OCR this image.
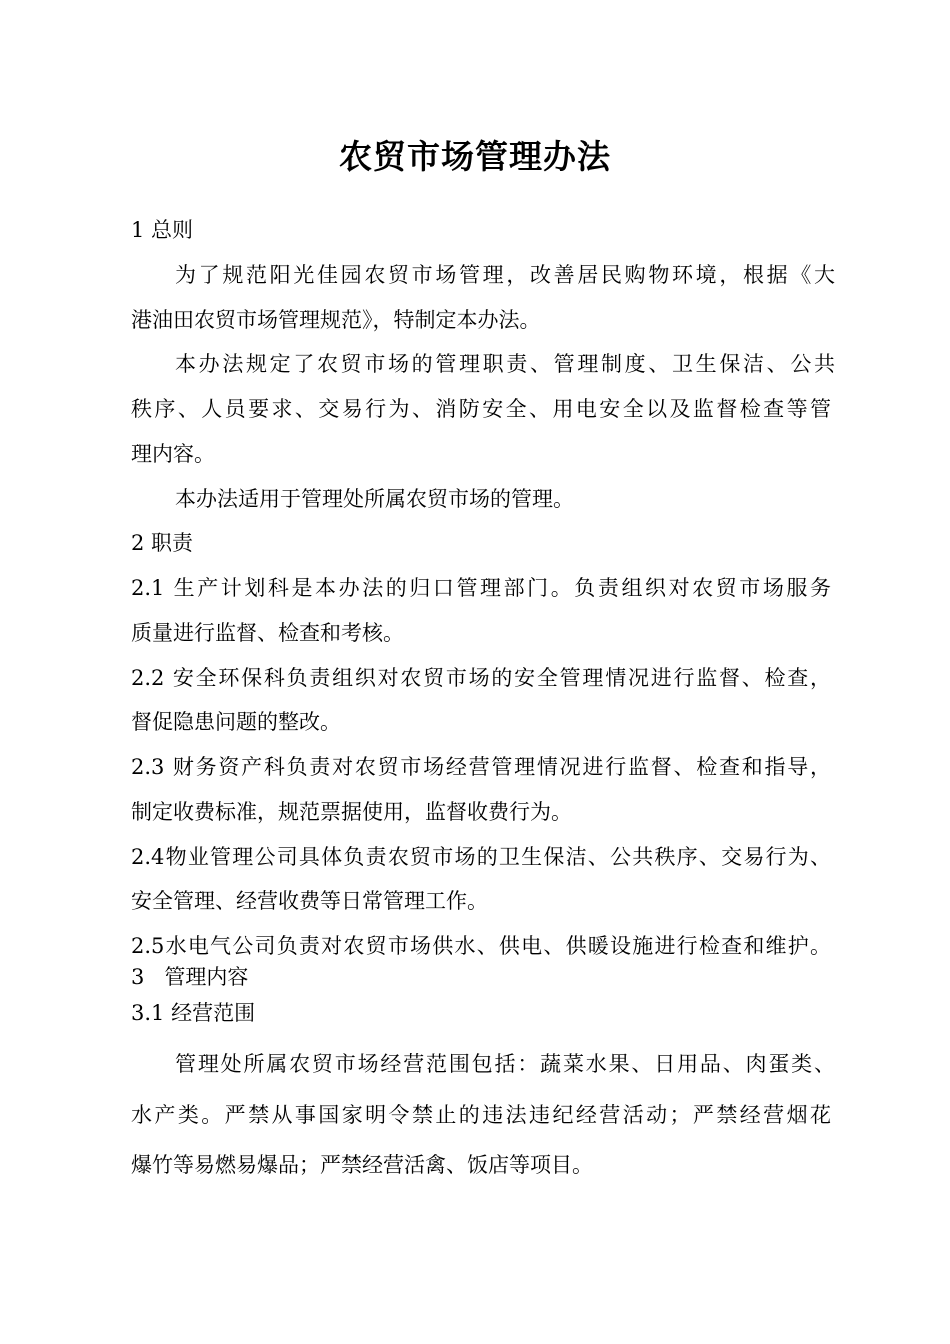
农贸市场管理办法
1 总则
为了规范阳光佳园农贸市场管理，改善居民购物环境，根据《大
港油田农贸市场管理规范》，特制定本办法。
本办法规定了农贸市场的管理职责、管理制度、卫生保洁、公共
秩序、人员要求、交易行为、消防安全、用电安全以及监督检查等管
理内容。
本办法适用于管理处所属农贸市场的管理。
2 职责
2.1 生产计划科是本办法的归口管理部门。负责组织对农贸市场服务
质量进行监督、检查和考核。
2.2 安全环保科负责组织对农贸市场的安全管理情况进行监督、检查，
督促隐患问题的整改。
2.3 财务资产科负责对农贸市场经营管理情况进行监督、检查和指导，
制定收费标准，规范票据使用，监督收费行为。
2.4物业管理公司具体负责农贸市场的卫生保洁、公共秩序、交易行为、
安全管理、经营收费等日常管理工作。
2.5水电气公司负责对农贸市场供水、供电、供暖设施进行检查和维护。
3   管理内容
3.1 经营范围
管理处所属农贸市场经营范围包括：蔬菜水果、日用品、肉蛋类、
水产类。严禁从事国家明令禁止的违法违纪经营活动；严禁经营烟花
爆竹等易燃易爆品；严禁经营活禽、饭店等项目。
